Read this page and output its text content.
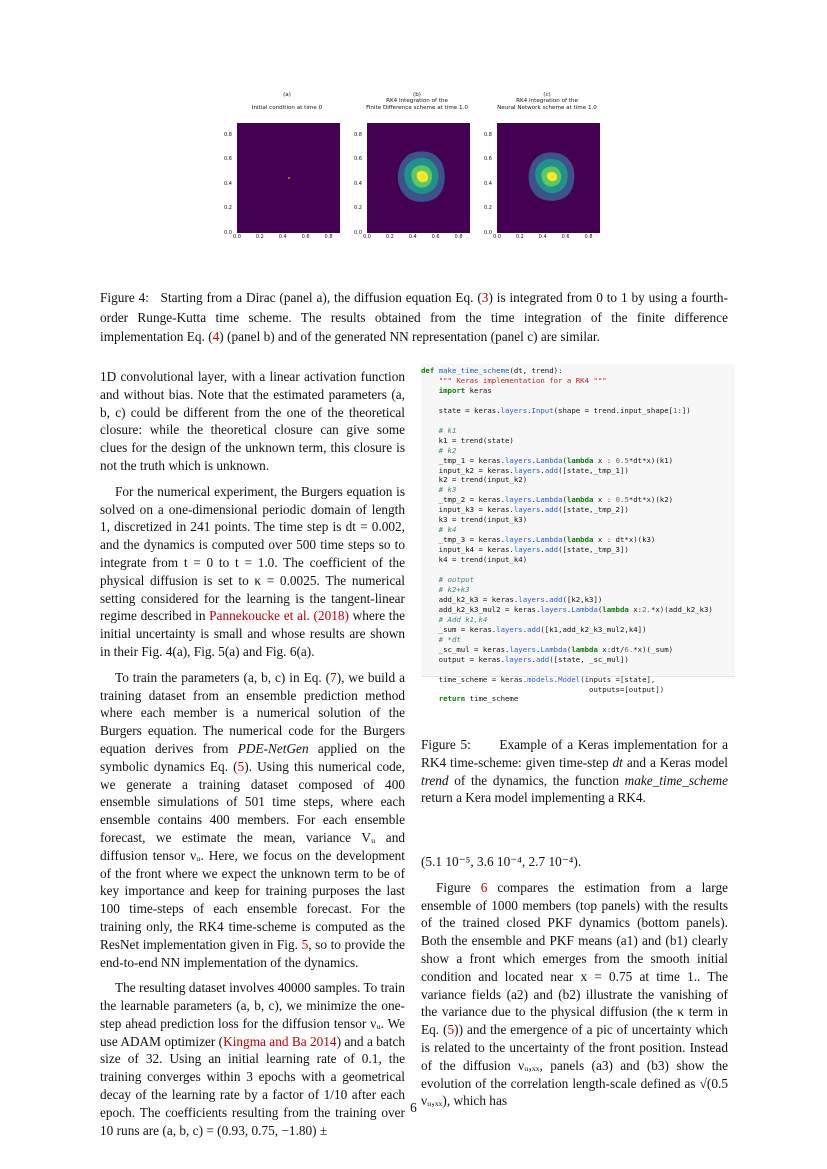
(a)
Initial condition at time 0
(b)
RK4 Integration of the
Finite Difference scheme at time 1.0
(c)
RK4 Integration of the
Neural Network scheme at time 1.0
0.0
0.2
0.4
0.6
0.8
0.0	0.2	0.4	0.6	0.8
0.0
0.2
0.4
0.6
0.8
0.0	0.2	0.4	0.6	0.8
0.0
0.2
0.4
0.6
0.8
0.0	0.2	0.4	0.6	0.8
Figure 4: Starting from a Dirac (panel a), the diffusion equation Eq. (3) is integrated from 0 to 1 by using a fourth-order Runge-Kutta time scheme. The results obtained from the time integration of the finite difference implementation Eq. (4) (panel b) and of the generated NN representation (panel c) are similar.

1D convolutional layer, with a linear activation function and without bias. Note that the estimated parameters (a, b, c) could be different from the one of the theoretical closure: while the theoretical closure can give some clues for the design of the unknown term, this closure is not the truth which is unknown.

For the numerical experiment, the Burgers equation is solved on a one-dimensional periodic domain of length 1, discretized in 241 points. The time step is dt = 0.002, and the dynamics is computed over 500 time steps so to integrate from t = 0 to t = 1.0. The coefficient of the physical diffusion is set to κ = 0.0025. The numerical setting considered for the learning is the tangent-linear regime described in Pannekoucke et al. (2018) where the initial uncertainty is small and whose results are shown in their Fig. 4(a), Fig. 5(a) and Fig. 6(a).

To train the parameters (a, b, c) in Eq. (7), we build a training dataset from an ensemble prediction method where each member is a numerical solution of the Burgers equation. The numerical code for the Burgers equation derives from PDE-NetGen applied on the symbolic dynamics Eq. (5). Using this numerical code, we generate a training dataset composed of 400 ensemble simulations of 501 time steps, where each ensemble contains 400 members. For each ensemble forecast, we estimate the mean, variance Vᵤ and diffusion tensor νᵤ. Here, we focus on the development of the front where we expect the unknown term to be of key importance and keep for training purposes the last 100 time-steps of each ensemble forecast. For the training only, the RK4 time-scheme is computed as the ResNet implementation given in Fig. 5, so to provide the end-to-end NN implementation of the dynamics.

The resulting dataset involves 40000 samples. To train the learnable parameters (a, b, c), we minimize the one-step ahead prediction loss for the diffusion tensor νᵤ. We use ADAM optimizer (Kingma and Ba 2014) and a batch size of 32. Using an initial learning rate of 0.1, the training converges within 3 epochs with a geometrical decay of the learning rate by a factor of 1/10 after each epoch. The coefficients resulting from the training over 10 runs are (a, b, c) = (0.93, 0.75, −1.80) ±

def make_time_scheme(dt, trend):
""" Keras implementation for a RK4 """
import keras

state = keras.layers.Input(shape = trend.input_shape[1:])

# k1
k1 = trend(state)
# k2
_tmp_1 = keras.layers.Lambda(lambda x : 0.5*dt*x)(k1)
input_k2 = keras.layers.add([state,_tmp_1])
k2 = trend(input_k2)
# k3
_tmp_2 = keras.layers.Lambda(lambda x : 0.5*dt*x)(k2)
input_k3 = keras.layers.add([state,_tmp_2])
k3 = trend(input_k3)
# k4
_tmp_3 = keras.layers.Lambda(lambda x : dt*x)(k3)
input_k4 = keras.layers.add([state,_tmp_3])
k4 = trend(input_k4)

# output
# k2+k3
add_k2_k3 = keras.layers.add([k2,k3])
add_k2_k3_mul2 = keras.layers.Lambda(lambda x:2.*x)(add_k2_k3)
# Add k1,k4
_sum = keras.layers.add([k1,add_k2_k3_mul2,k4])
# *dt
_sc_mul = keras.layers.Lambda(lambda x:dt/6.*x)(_sum)
output = keras.layers.add([state, _sc_mul])

time_scheme = keras.models.Model(inputs =[state],
outputs=[output])
return time_scheme
Figure 5: Example of a Keras implementation for a RK4 time-scheme: given time-step dt and a Keras model trend of the dynamics, the function make_time_scheme return a Kera model implementing a RK4.

(5.1 10⁻⁵, 3.6 10⁻⁴, 2.7 10⁻⁴).

Figure 6 compares the estimation from a large ensemble of 1000 members (top panels) with the results of the trained closed PKF dynamics (bottom panels). Both the ensemble and PKF means (a1) and (b1) clearly show a front which emerges from the smooth initial condition and located near x = 0.75 at time 1.. The variance fields (a2) and (b2) illustrate the vanishing of the variance due to the physical diffusion (the κ term in Eq. (5)) and the emergence of a pic of uncertainty which is related to the uncertainty of the front position. Instead of the diffusion νᵤ,ₓₓ, panels (a3) and (b3) show the evolution of the correlation length-scale defined as √(0.5 νᵤ,ₓₓ), which has

6
